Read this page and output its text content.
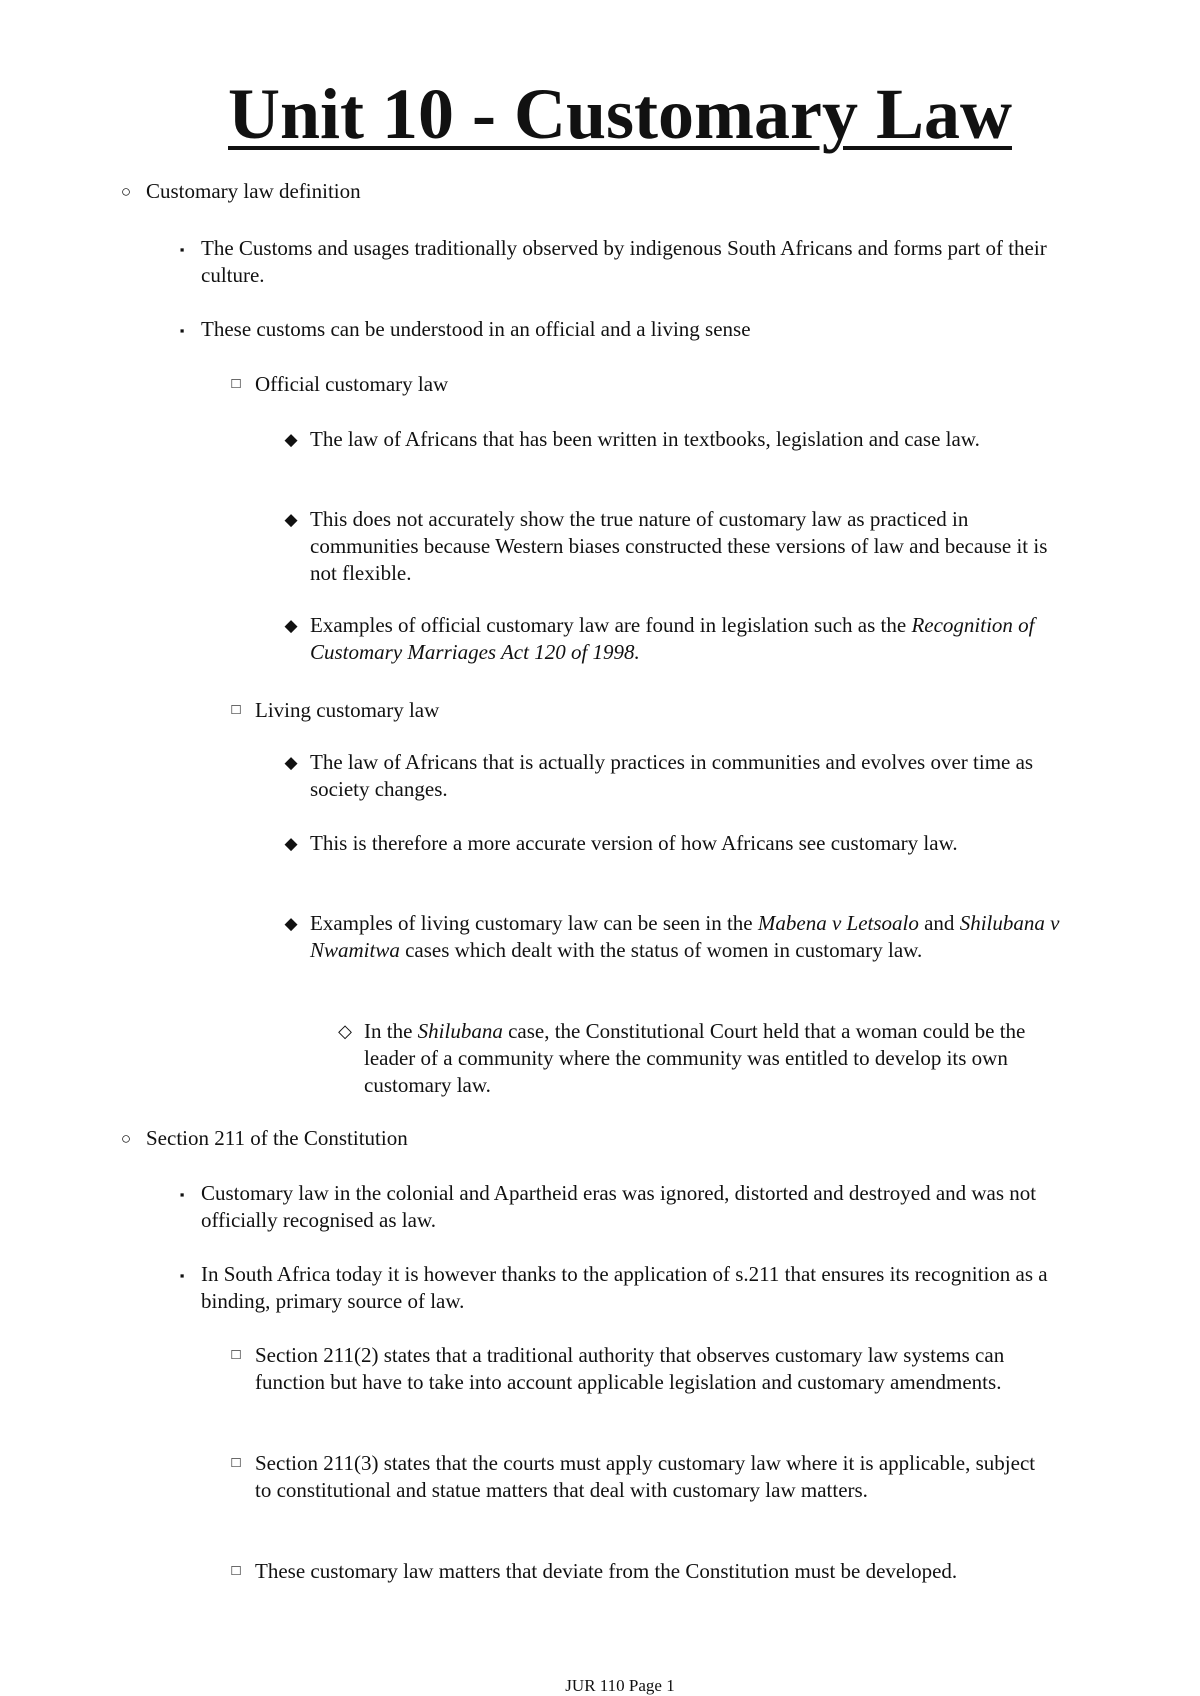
Unit 10 - Customary Law
○ Customary law definition
▪ The Customs and usages traditionally observed by indigenous South Africans and forms part of their culture.
▪ These customs can be understood in an official and a living sense
□ Official customary law
◆ The law of Africans that has been written in textbooks, legislation and case law.
◆ This does not accurately show the true nature of customary law as practiced in communities because Western biases constructed these versions of law and because it is not flexible.
◆ Examples of official customary law are found in legislation such as the Recognition of Customary Marriages Act 120 of 1998.
□ Living customary law
◆ The law of Africans that is actually practices in communities and evolves over time as society changes.
◆ This is therefore a more accurate version of how Africans see customary law.
◆ Examples of living customary law can be seen in the Mabena v Letsoalo and Shilubana v Nwamitwa cases which dealt with the status of women in customary law.
◇ In the Shilubana case, the Constitutional Court held that a woman could be the leader of a community where the community was entitled to develop its own customary law.
○ Section 211 of the Constitution
▪ Customary law in the colonial and Apartheid eras was ignored, distorted and destroyed and was not officially recognised as law.
▪ In South Africa today it is however thanks to the application of s.211 that ensures its recognition as a binding, primary source of law.
□ Section 211(2) states that a traditional authority that observes customary law systems can function but have to take into account applicable legislation and customary amendments.
□ Section 211(3) states that the courts must apply customary law where it is applicable, subject to constitutional and statue matters that deal with customary law matters.
□ These customary law matters that deviate from the Constitution must be developed.
JUR 110 Page 1
